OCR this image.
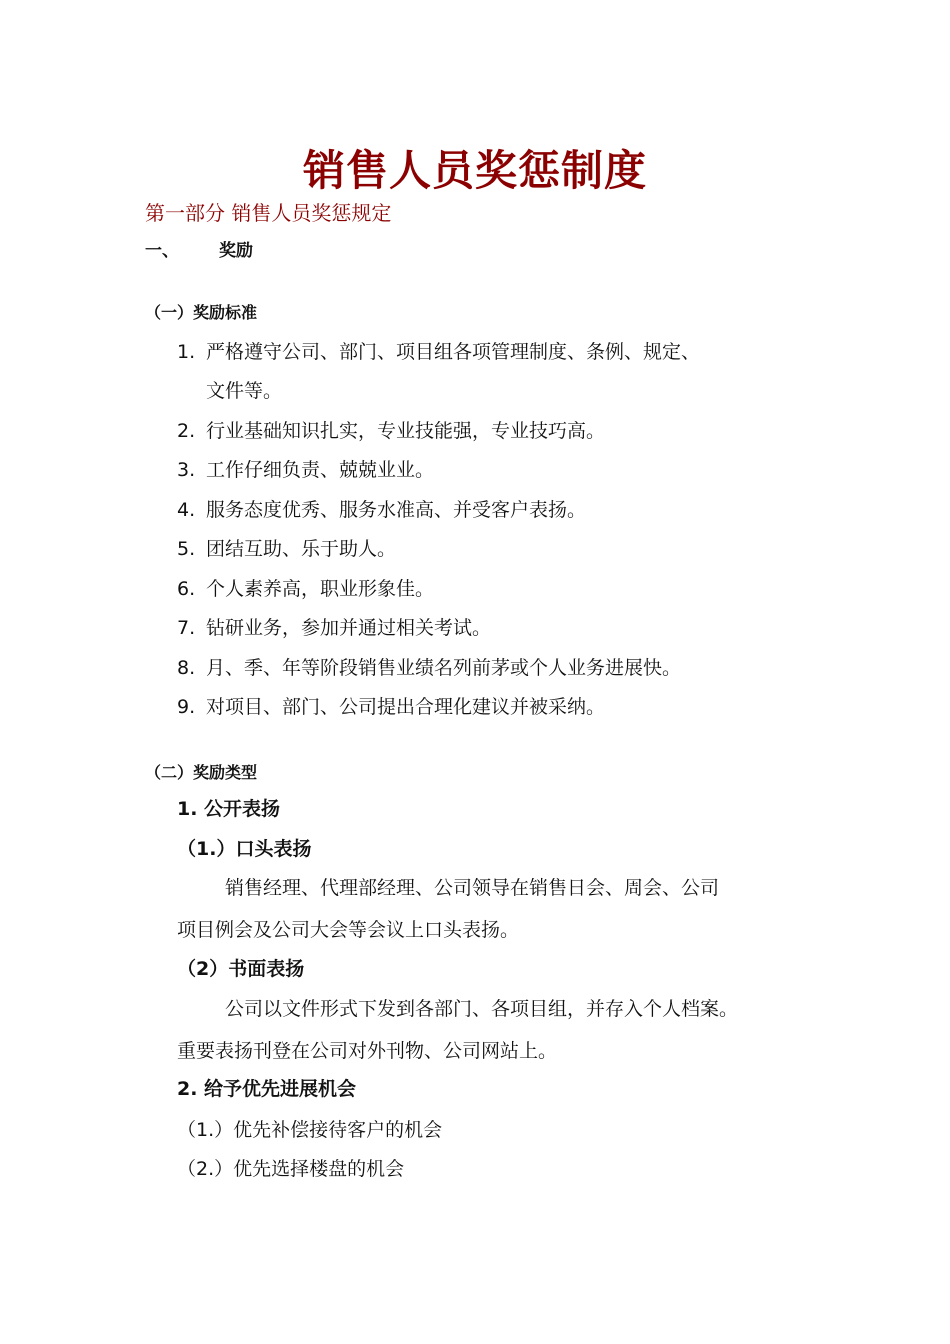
销售人员奖惩制度
第一部分 销售人员奖惩规定
一、 奖励
（一）奖励标准
1. 严格遵守公司、部门、项目组各项管理制度、条例、规定、
文件等。
2. 行业基础知识扎实，专业技能强，专业技巧高。
3. 工作仔细负责、兢兢业业。
4. 服务态度优秀、服务水准高、并受客户表扬。
5. 团结互助、乐于助人。
6. 个人素养高，职业形象佳。
7. 钻研业务，参加并通过相关考试。
8. 月、季、年等阶段销售业绩名列前茅或个人业务进展快。
9. 对项目、部门、公司提出合理化建议并被采纳。
（二）奖励类型
1. 公开表扬
（1.）口头表扬
销售经理、代理部经理、公司领导在销售日会、周会、公司
项目例会及公司大会等会议上口头表扬。
（2）书面表扬
公司以文件形式下发到各部门、各项目组，并存入个人档案。
重要表扬刊登在公司对外刊物、公司网站上。
2. 给予优先进展机会
（1.）优先补偿接待客户的机会
（2.）优先选择楼盘的机会
